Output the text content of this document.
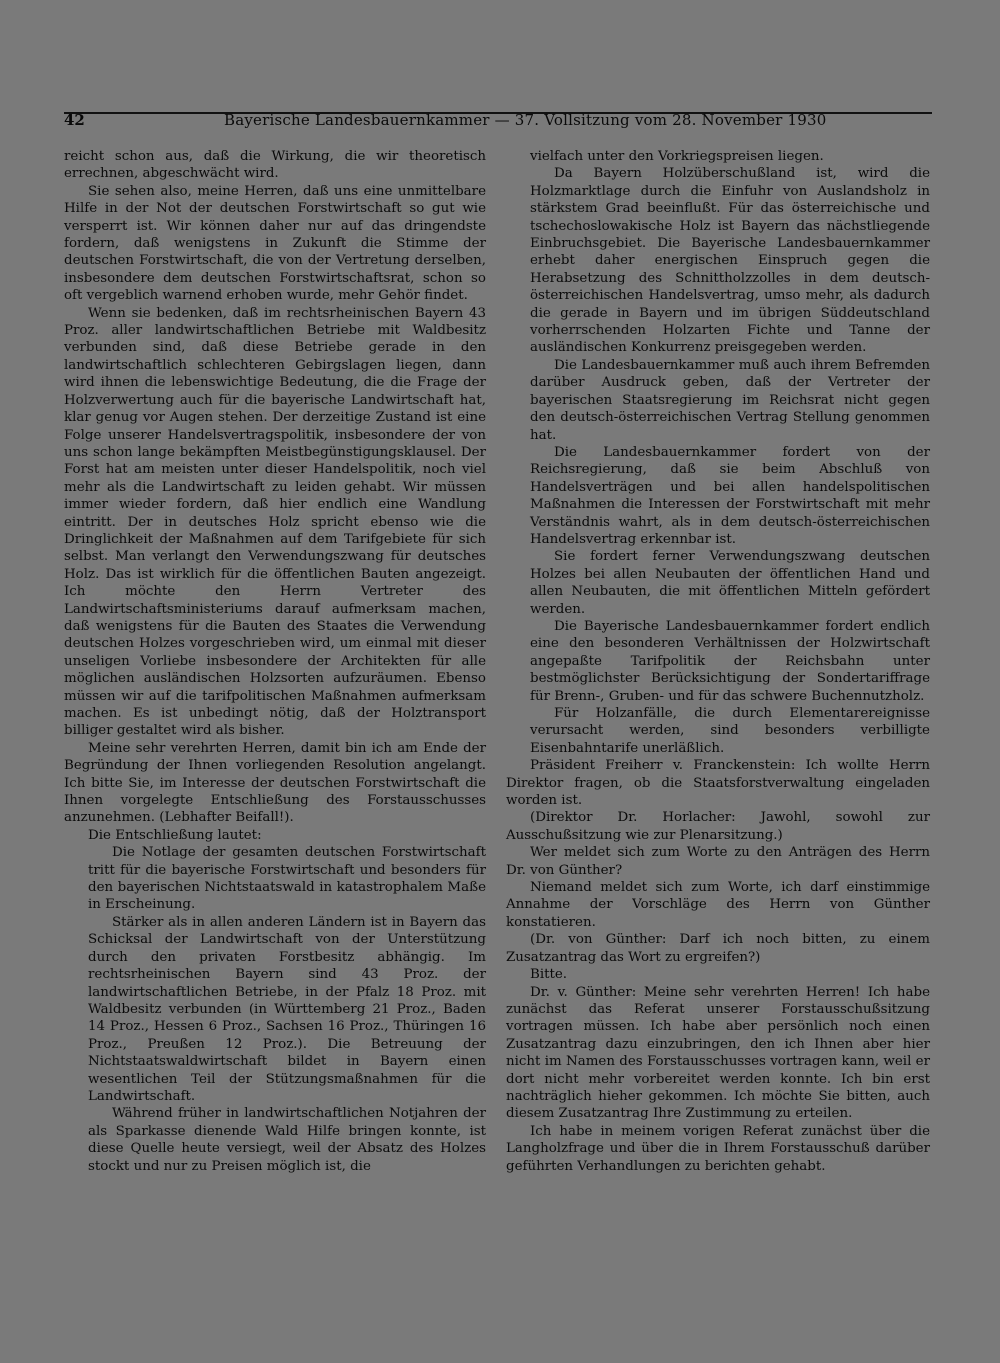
42	Bayerische Landesbauernkammer — 37. Vollsitzung vom 28. November 1930

reicht schon aus, daß die Wirkung, die wir theoretisch errechnen, abgeschwächt wird.

Sie sehen also, meine Herren, daß uns eine unmittelbare Hilfe in der Not der deutschen Forstwirtschaft so gut wie versperrt ist. Wir können daher nur auf das dringendste fordern, daß wenigstens in Zukunft die Stimme der deutschen Forstwirtschaft, die von der Vertretung derselben, insbesondere dem deutschen Forstwirtschaftsrat, schon so oft vergeblich warnend erhoben wurde, mehr Gehör findet.

Wenn sie bedenken, daß im rechtsrheinischen Bayern 43 Proz. aller landwirtschaftlichen Betriebe mit Waldbesitz verbunden sind, daß diese Betriebe gerade in den landwirtschaftlich schlechteren Gebirgslagen liegen, dann wird ihnen die lebenswichtige Bedeutung, die die Frage der Holzverwertung auch für die bayerische Landwirtschaft hat, klar genug vor Augen stehen. Der derzeitige Zustand ist eine Folge unserer Handelsvertragspolitik, insbesondere der von uns schon lange bekämpften Meistbegünstigungsklausel. Der Forst hat am meisten unter dieser Handelspolitik, noch viel mehr als die Landwirtschaft zu leiden gehabt. Wir müssen immer wieder fordern, daß hier endlich eine Wandlung eintritt. Der in deutsches Holz spricht ebenso wie die Dringlichkeit der Maßnahmen auf dem Tarifgebiete für sich selbst. Man verlangt den Verwendungszwang für deutsches Holz. Das ist wirklich für die öffentlichen Bauten angezeigt. Ich möchte den Herrn Vertreter des Landwirtschaftsministeriums darauf aufmerksam machen, daß wenigstens für die Bauten des Staates die Verwendung deutschen Holzes vorgeschrieben wird, um einmal mit dieser unseligen Vorliebe insbesondere der Architekten für alle möglichen ausländischen Holzsorten aufzuräumen. Ebenso müssen wir auf die tarifpolitischen Maßnahmen aufmerksam machen. Es ist unbedingt nötig, daß der Holztransport billiger gestaltet wird als bisher.

Meine sehr verehrten Herren, damit bin ich am Ende der Begründung der Ihnen vorliegenden Resolution angelangt. Ich bitte Sie, im Interesse der deutschen Forstwirtschaft die Ihnen vorgelegte Entschließung des Forstausschusses anzunehmen. (Lebhafter Beifall!).

Die Entschließung lautet:

Die Notlage der gesamten deutschen Forstwirtschaft tritt für die bayerische Forstwirtschaft und besonders für den bayerischen Nichtstaatswald in katastrophalem Maße in Erscheinung.

Stärker als in allen anderen Ländern ist in Bayern das Schicksal der Landwirtschaft von der Unterstützung durch den privaten Forstbesitz abhängig. Im rechtsrheinischen Bayern sind 43 Proz. der landwirtschaftlichen Betriebe, in der Pfalz 18 Proz. mit Waldbesitz verbunden (in Württemberg 21 Proz., Baden 14 Proz., Hessen 6 Proz., Sachsen 16 Proz., Thüringen 16 Proz., Preußen 12 Proz.). Die Betreuung der Nichtstaatswaldwirtschaft bildet in Bayern einen wesentlichen Teil der Stützungsmaßnahmen für die Landwirtschaft.

Während früher in landwirtschaftlichen Notjahren der als Sparkasse dienende Wald Hilfe bringen konnte, ist diese Quelle heute versiegt, weil der Absatz des Holzes stockt und nur zu Preisen möglich ist, die

vielfach unter den Vorkriegspreisen liegen.

Da Bayern Holzüberschußland ist, wird die Holzmarktlage durch die Einfuhr von Auslandsholz in stärkstem Grad beeinflußt. Für das österreichische und tschechoslowakische Holz ist Bayern das nächstliegende Einbruchsgebiet. Die Bayerische Landesbauernkammer erhebt daher energischen Einspruch gegen die Herabsetzung des Schnittholzzolles in dem deutsch-österreichischen Handelsvertrag, umso mehr, als dadurch die gerade in Bayern und im übrigen Süddeutschland vorherrschenden Holzarten Fichte und Tanne der ausländischen Konkurrenz preisgegeben werden.

Die Landesbauernkammer muß auch ihrem Befremden darüber Ausdruck geben, daß der Vertreter der bayerischen Staatsregierung im Reichsrat nicht gegen den deutsch-österreichischen Vertrag Stellung genommen hat.

Die Landesbauernkammer fordert von der Reichsregierung, daß sie beim Abschluß von Handelsverträgen und bei allen handelspolitischen Maßnahmen die Interessen der Forstwirtschaft mit mehr Verständnis wahrt, als in dem deutsch-österreichischen Handelsvertrag erkennbar ist.

Sie fordert ferner Verwendungszwang deutschen Holzes bei allen Neubauten der öffentlichen Hand und allen Neubauten, die mit öffentlichen Mitteln gefördert werden.

Die Bayerische Landesbauernkammer fordert endlich eine den besonderen Verhältnissen der Holzwirtschaft angepaßte Tarifpolitik der Reichsbahn unter bestmöglichster Berücksichtigung der Sondertariffrage für Brenn-, Gruben- und für das schwere Buchennutzholz.

Für Holzanfälle, die durch Elementarereignisse verursacht werden, sind besonders verbilligte Eisenbahntarife unerläßlich.

Präsident Freiherr v. Franckenstein: Ich wollte Herrn Direktor fragen, ob die Staatsforstverwaltung eingeladen worden ist.

(Direktor Dr. Horlacher: Jawohl, sowohl zur Ausschußsitzung wie zur Plenarsitzung.)

Wer meldet sich zum Worte zu den Anträgen des Herrn Dr. von Günther?

Niemand meldet sich zum Worte, ich darf einstimmige Annahme der Vorschläge des Herrn von Günther konstatieren.

(Dr. von Günther: Darf ich noch bitten, zu einem Zusatzantrag das Wort zu ergreifen?)

Bitte.

Dr. v. Günther: Meine sehr verehrten Herren! Ich habe zunächst das Referat unserer Forstausschußsitzung vortragen müssen. Ich habe aber persönlich noch einen Zusatzantrag dazu einzubringen, den ich Ihnen aber hier nicht im Namen des Forstausschusses vortragen kann, weil er dort nicht mehr vorbereitet werden konnte. Ich bin erst nachträglich hieher gekommen. Ich möchte Sie bitten, auch diesem Zusatzantrag Ihre Zustimmung zu erteilen.

Ich habe in meinem vorigen Referat zunächst über die Langholzfrage und über die in Ihrem Forstausschuß darüber geführten Verhandlungen zu berichten gehabt.
